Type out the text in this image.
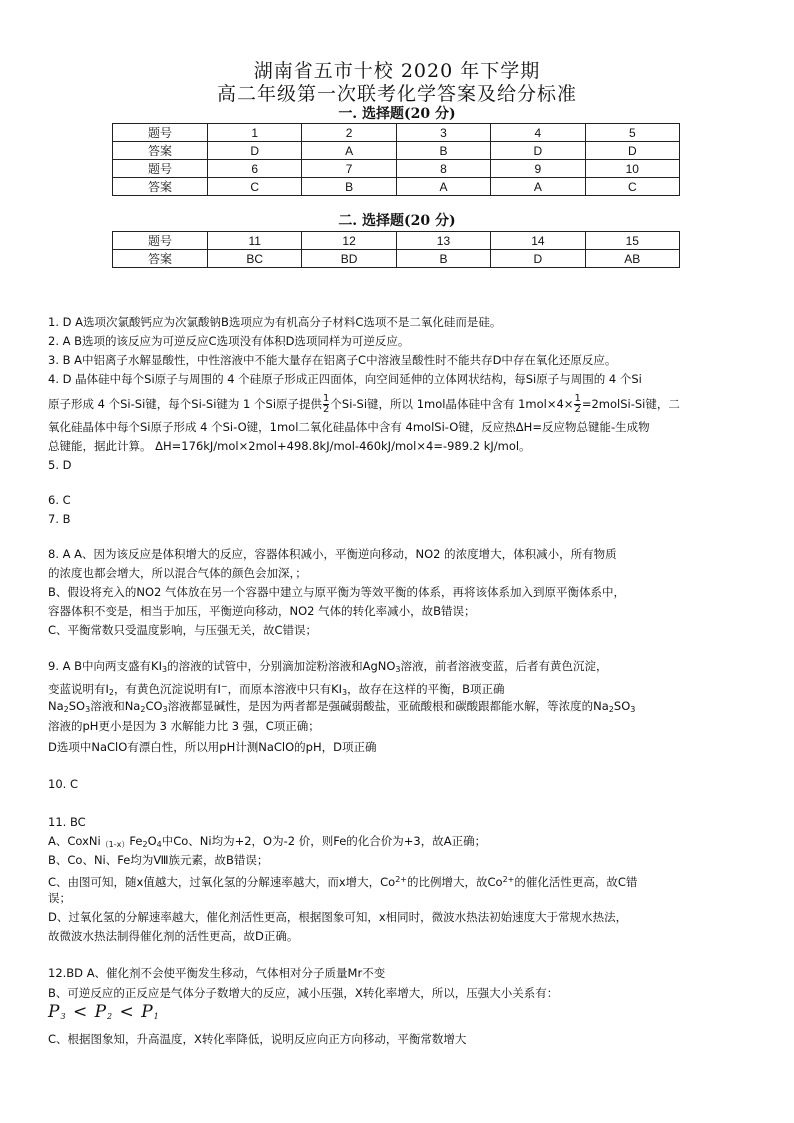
湖南省五市十校 2020 年下学期
高二年级第一次联考化学答案及给分标准
一. 选择题(20 分)
题号	1	2	3	4	5
答案	D	A	B	D	D
题号	6	7	8	9	10
答案	C	B	A	A	C
二. 选择题(20 分)
题号	11	12	13	14	15
答案	BC	BD	B	D	AB
1. D A选项次氯酸钙应为次氯酸钠B选项应为有机高分子材料C选项不是二氧化硅而是硅。
2. A B选项的该反应为可逆反应C选项没有体积D选项同样为可逆反应。
3. B A中铝离子水解显酸性，中性溶液中不能大量存在铝离子C中溶液呈酸性时不能共存D中存在氧化还原反应。
4. D 晶体硅中每个Si原子与周围的 4 个硅原子形成正四面体，向空间延伸的立体网状结构，每Si原子与周围的 4 个Si
原子形成 4 个Si-Si键，每个Si-Si键为 1 个Si原子提供 $\frac{1}{2}$ 个Si-Si键，所以 1mol晶体硅中含有 $1mol\times 4\times \frac{1}{2}$ =2molSi-Si键，二
氧化硅晶体中每个Si原子形成 4 个Si-O键，1mol二氧化硅晶体中含有 4molSi-O键，反应热ΔH=反应物总键能-生成物
总键能，据此计算。 ΔH=176kJ/mol×2mol+498.8kJ/mol-460kJ/mol×4=-989.2 kJ/mol。
5. D
6. C
7. B
8. A A、因为该反应是体积增大的反应，容器体积减小，平衡逆向移动，NO2 的浓度增大，体积减小，所有物质
的浓度也都会增大，所以混合气体的颜色会加深，；
B、假设将充入的NO2 气体放在另一个容器中建立与原平衡为等效平衡的体系，再将该体系加入到原平衡体系中，
容器体积不变是，相当于加压，平衡逆向移动，NO2 气体的转化率减小，故B错误；
C、平衡常数只受温度影响，与压强无关，故C错误；
9. A B中向两支盛有$KI_3$的溶液的试管中，分别滴加淀粉溶液和AgNO$_3$溶液，前者溶液变蓝，后者有黄色沉淀，
变蓝说明有$I_2$，有黄色沉淀说明有I−，而原本溶液中只有$KI_3$，故存在这样的平衡，B项正确
$Na_2SO_3$溶液和$Na_2CO_3$溶液都显碱性，是因为两者都是强碱弱酸盐，亚硫酸根和碳酸跟都能水解，等浓度的$Na_2SO_3$
溶液的pH更小是因为 3 水解能力比 3 强，C项正确；
D选项中NaClO有漂白性，所以用pH计测NaClO的pH，D项正确
10. C
11. BC
A、$CoxNi_{(1-x)}Fe_2O_4$中Co、Ni均为+2，O为-2 价，则Fe的化合价为+3，故A正确；
B、Co、Ni、Fe均为Ⅷ族元素，故B错误；
C、由图可知，随x值越大，过氧化氢的分解速率越大，而x增大，$Co^{2+}$的比例增大，故$Co^{2+}$的催化活性更高，故C错
误；
D、过氧化氢的分解速率越大，催化剂活性更高，根据图象可知，x相同时，微波水热法初始速度大于常规水热法，
故微波水热法制得催化剂的活性更高，故D正确。
12.BD A、催化剂不会使平衡发生移动，气体相对分子质量Mr不变
B、可逆反应的正反应是气体分子数增大的反应，减小压强，X转化率增大，所以，压强大小关系有：
$P_3 < P_2 < P_1$
C、根据图象知，升高温度，X转化率降低，说明反应向正方向移动，平衡常数增大
